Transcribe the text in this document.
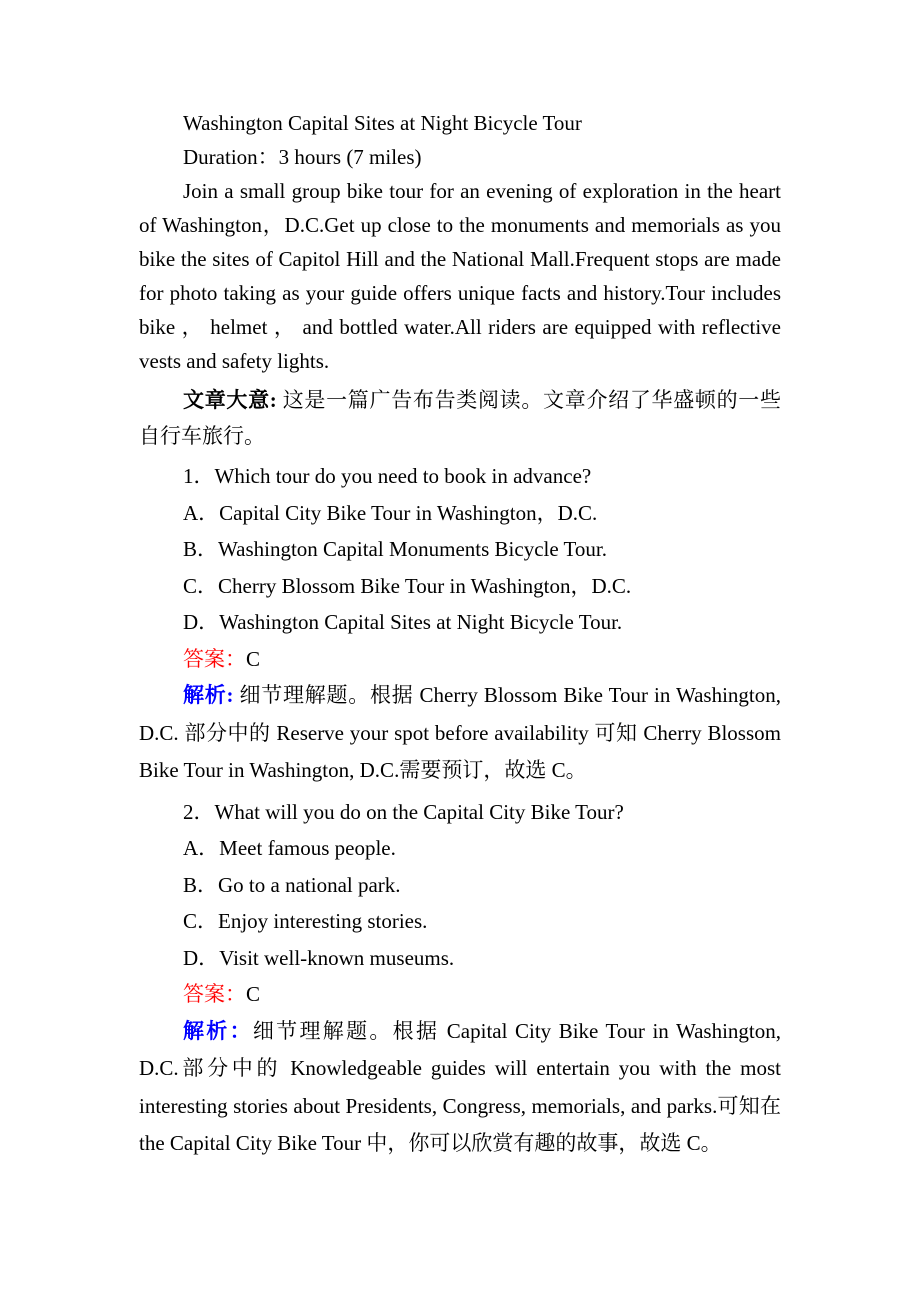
Washington Capital Sites at Night Bicycle Tour
Duration：3 hours (7 miles)

Join a small group bike tour for an evening of exploration in the heart of Washington，D.C.Get up close to the monuments and memorials as you bike the sites of Capitol Hill and the National Mall.Frequent stops are made for photo taking as your guide offers unique facts and history.Tour includes bike ， helmet ， and bottled water.All riders are equipped with reflective vests and safety lights.

文章大意: 这是一篇广告布告类阅读。文章介绍了华盛顿的一些自行车旅行。

1．Which tour do you need to book in advance?
A．Capital City Bike Tour in Washington，D.C.
B．Washington Capital Monuments Bicycle Tour.
C．Cherry Blossom Bike Tour in Washington，D.C.
D．Washington Capital Sites at Night Bicycle Tour.
答案：C

解析: 细节理解题。根据 Cherry Blossom Bike Tour in Washington, D.C. 部分中的 Reserve your spot before availability 可知 Cherry Blossom Bike Tour in Washington, D.C.需要预订，故选 C。

2．What will you do on the Capital City Bike Tour?
A．Meet famous people.
B．Go to a national park.
C．Enjoy interesting stories.
D．Visit well-known museums.
答案：C

解析：细节理解题。根据 Capital City Bike Tour in Washington, D.C.部分中的 Knowledgeable guides will entertain you with the most interesting stories about Presidents, Congress, memorials, and parks.可知在 the Capital City Bike Tour 中，你可以欣赏有趣的故事，故选 C。
